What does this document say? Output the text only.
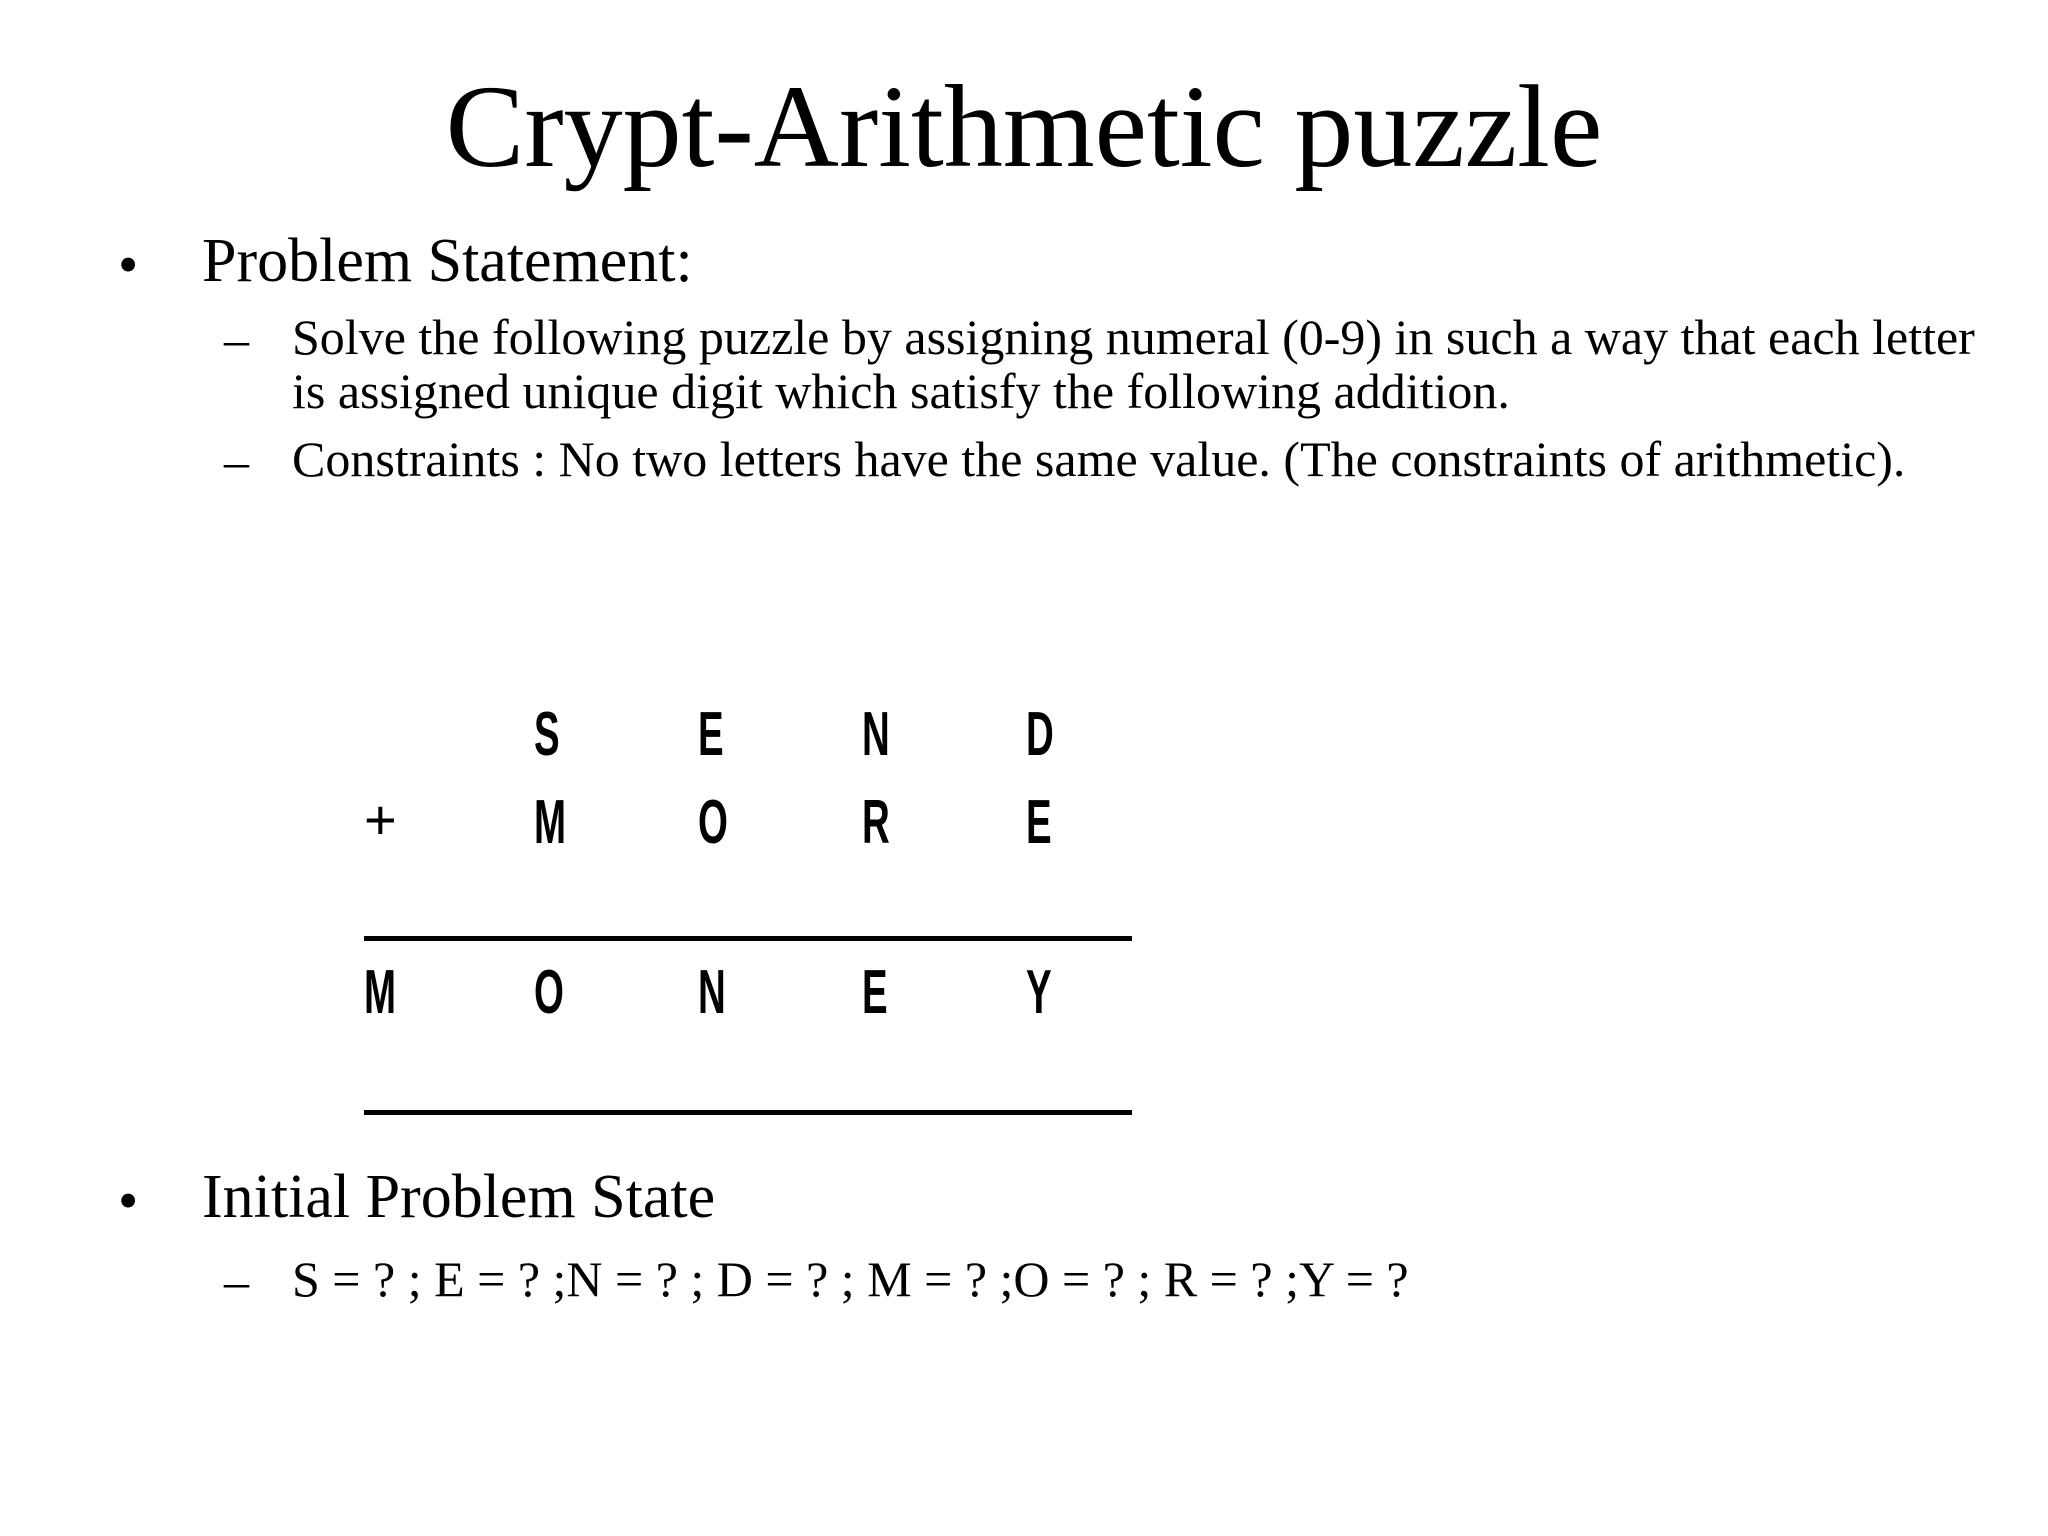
Crypt-Arithmetic puzzle
• Problem Statement:
– Solve the following puzzle by assigning numeral (0-9) in such a way that each letter is assigned unique digit which satisfy the following addition.
– Constraints : No two letters have the same value. (The constraints of arithmetic).
S E N D
+ M O R E
M O N E Y
• Initial Problem State
– S = ? ; E = ? ;N = ? ; D = ? ; M = ? ;O = ? ; R = ? ;Y = ?
